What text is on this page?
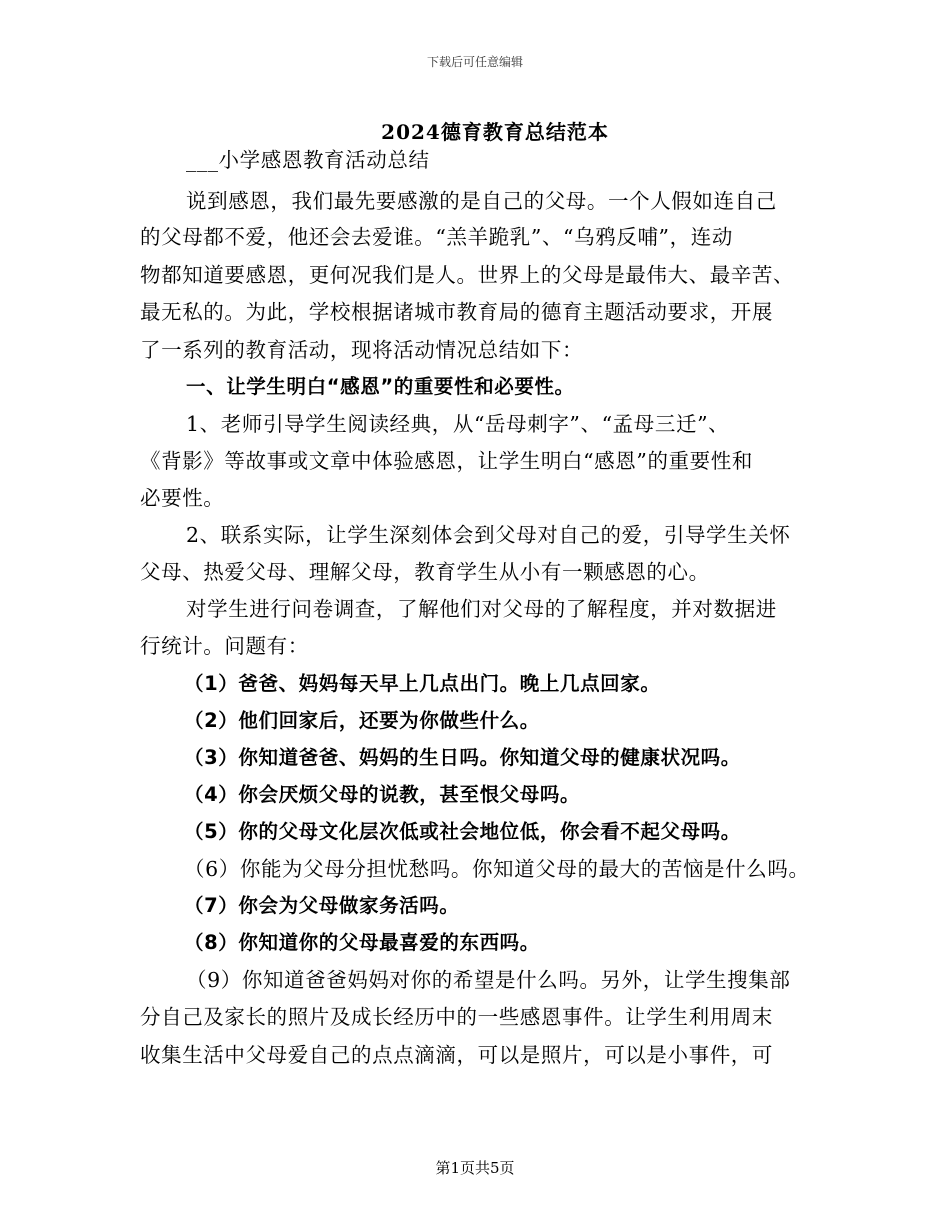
下载后可任意编辑
2024德育教育总结范本
___小学感恩教育活动总结
说到感恩，我们最先要感激的是自己的父母。一个人假如连自己
的父母都不爱，他还会去爱谁。“羔羊跪乳”、“乌鸦反哺”，连动
物都知道要感恩，更何况我们是人。世界上的父母是最伟大、最辛苦、
最无私的。为此，学校根据诸城市教育局的德育主题活动要求，开展
了一系列的教育活动，现将活动情况总结如下：
一、让学生明白“感恩”的重要性和必要性。
1、老师引导学生阅读经典，从“岳母刺字”、“孟母三迁”、
《背影》等故事或文章中体验感恩，让学生明白“感恩”的重要性和
必要性。
2、联系实际，让学生深刻体会到父母对自己的爱，引导学生关怀
父母、热爱父母、理解父母，教育学生从小有一颗感恩的心。
对学生进行问卷调查，了解他们对父母的了解程度，并对数据进
行统计。问题有：
（1）爸爸、妈妈每天早上几点出门。晚上几点回家。
（2）他们回家后，还要为你做些什么。
（3）你知道爸爸、妈妈的生日吗。你知道父母的健康状况吗。
（4）你会厌烦父母的说教，甚至恨父母吗。
（5）你的父母文化层次低或社会地位低，你会看不起父母吗。
（6）你能为父母分担忧愁吗。你知道父母的最大的苦恼是什么吗。
（7）你会为父母做家务活吗。
（8）你知道你的父母最喜爱的东西吗。
（9）你知道爸爸妈妈对你的希望是什么吗。另外，让学生搜集部
分自己及家长的照片及成长经历中的一些感恩事件。让学生利用周末
收集生活中父母爱自己的点点滴滴，可以是照片，可以是小事件，可
第1页共5页
